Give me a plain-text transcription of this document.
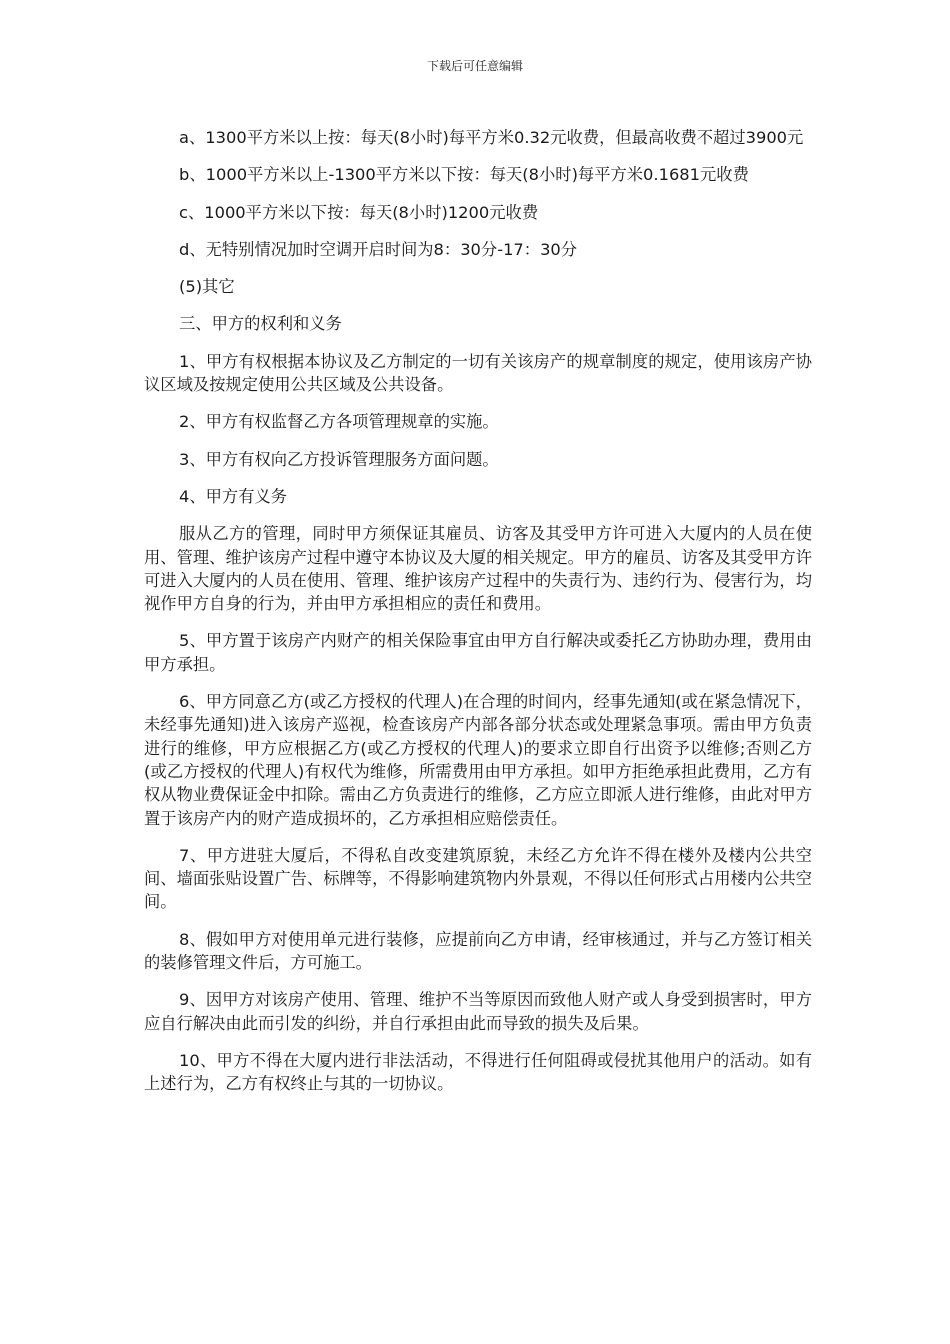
下载后可任意编辑

a、1300平方米以上按：每天(8小时)每平方米0.32元收费，但最高收费不超过3900元

b、1000平方米以上-1300平方米以下按：每天(8小时)每平方米0.1681元收费

c、1000平方米以下按：每天(8小时)1200元收费

d、无特别情况加时空调开启时间为8：30分-17：30分

(5)其它

三、甲方的权利和义务

1、甲方有权根据本协议及乙方制定的一切有关该房产的规章制度的规定，使用该房产协议区域及按规定使用公共区域及公共设备。

2、甲方有权监督乙方各项管理规章的实施。

3、甲方有权向乙方投诉管理服务方面问题。

4、甲方有义务

服从乙方的管理，同时甲方须保证其雇员、访客及其受甲方许可进入大厦内的人员在使用、管理、维护该房产过程中遵守本协议及大厦的相关规定。甲方的雇员、访客及其受甲方许可进入大厦内的人员在使用、管理、维护该房产过程中的失责行为、违约行为、侵害行为，均视作甲方自身的行为，并由甲方承担相应的责任和费用。

5、甲方置于该房产内财产的相关保险事宜由甲方自行解决或委托乙方协助办理，费用由甲方承担。

6、甲方同意乙方(或乙方授权的代理人)在合理的时间内，经事先通知(或在紧急情况下，未经事先通知)进入该房产巡视，检查该房产内部各部分状态或处理紧急事项。需由甲方负责进行的维修，甲方应根据乙方(或乙方授权的代理人)的要求立即自行出资予以维修;否则乙方(或乙方授权的代理人)有权代为维修，所需费用由甲方承担。如甲方拒绝承担此费用，乙方有权从物业费保证金中扣除。需由乙方负责进行的维修，乙方应立即派人进行维修，由此对甲方置于该房产内的财产造成损坏的，乙方承担相应赔偿责任。

7、甲方进驻大厦后，不得私自改变建筑原貌，未经乙方允许不得在楼外及楼内公共空间、墙面张贴设置广告、标牌等，不得影响建筑物内外景观，不得以任何形式占用楼内公共空间。

8、假如甲方对使用单元进行装修，应提前向乙方申请，经审核通过，并与乙方签订相关的装修管理文件后，方可施工。

9、因甲方对该房产使用、管理、维护不当等原因而致他人财产或人身受到损害时，甲方应自行解决由此而引发的纠纷，并自行承担由此而导致的损失及后果。

10、甲方不得在大厦内进行非法活动，不得进行任何阻碍或侵扰其他用户的活动。如有上述行为，乙方有权终止与其的一切协议。
